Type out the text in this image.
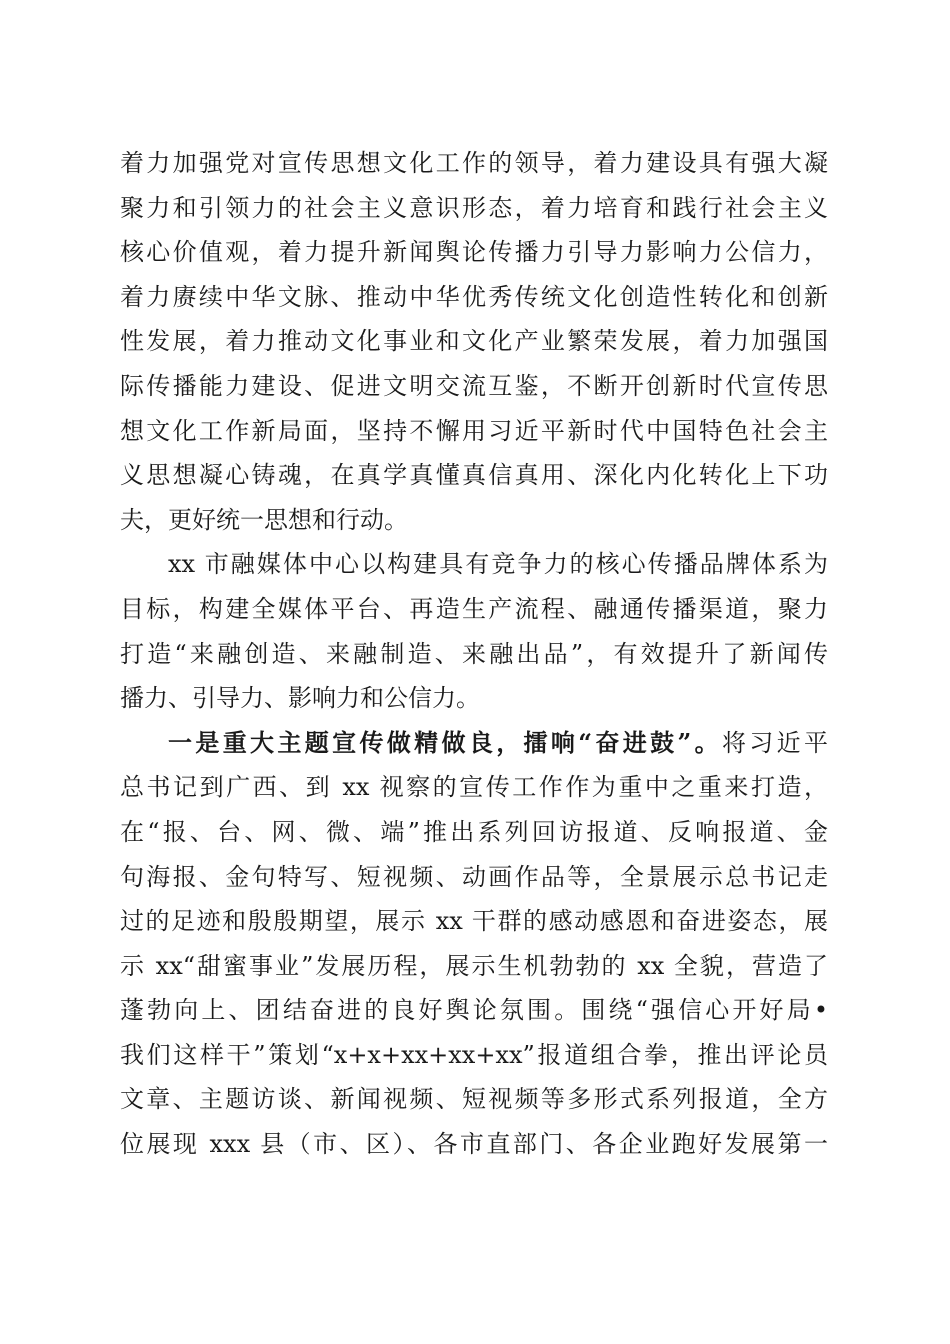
着力加强党对宣传思想文化工作的领导，着力建设具有强大凝
聚力和引领力的社会主义意识形态，着力培育和践行社会主义
核心价值观，着力提升新闻舆论传播力引导力影响力公信力，
着力赓续中华文脉、推动中华优秀传统文化创造性转化和创新
性发展，着力推动文化事业和文化产业繁荣发展，着力加强国
际传播能力建设、促进文明交流互鉴，不断开创新时代宣传思
想文化工作新局面，坚持不懈用习近平新时代中国特色社会主
义思想凝心铸魂，在真学真懂真信真用、深化内化转化上下功
夫，更好统一思想和行动。
xx 市融媒体中心以构建具有竞争力的核心传播品牌体系为
目标，构建全媒体平台、再造生产流程、融通传播渠道，聚力
打造“来融创造、来融制造、来融出品”，有效提升了新闻传
播力、引导力、影响力和公信力。
一是重大主题宣传做精做良，擂响“奋进鼓”。将习近平
总书记到广西、到 xx 视察的宣传工作作为重中之重来打造，
在“报、台、网、微、端”推出系列回访报道、反响报道、金
句海报、金句特写、短视频、动画作品等，全景展示总书记走
过的足迹和殷殷期望，展示 xx 干群的感动感恩和奋进姿态，展
示 xx“甜蜜事业”发展历程，展示生机勃勃的 xx 全貌，营造了
蓬勃向上、团结奋进的良好舆论氛围。围绕“强信心开好局•
我们这样干”策划“x+x+xx+xx+xx”报道组合拳，推出评论员
文章、主题访谈、新闻视频、短视频等多形式系列报道，全方
位展现 xxx 县（市、区）、各市直部门、各企业跑好发展第一
